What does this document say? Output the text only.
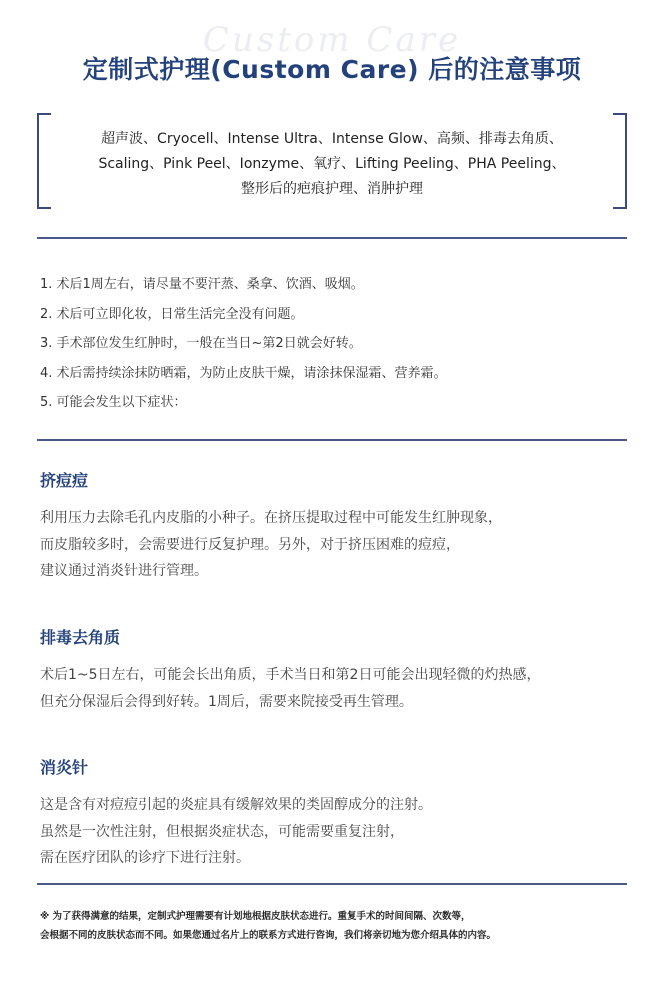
Custom Care
定制式护理(Custom Care) 后的注意事项
超声波、Cryocell、Intense Ultra、Intense Glow、高频、排毒去角质、
Scaling、Pink Peel、Ionzyme、氧疗、Lifting Peeling、PHA Peeling、
整形后的疤痕护理、消肿护理
1. 术后1周左右，请尽量不要汗蒸、桑拿、饮酒、吸烟。
2. 术后可立即化妆，日常生活完全没有问题。
3. 手术部位发生红肿时，一般在当日~第2日就会好转。
4. 术后需持续涂抹防晒霜，为防止皮肤干燥，请涂抹保湿霜、营养霜。
5. 可能会发生以下症状：
挤痘痘

利用压力去除毛孔内皮脂的小种子。在挤压提取过程中可能发生红肿现象，

而皮脂较多时，会需要进行反复护理。另外，对于挤压困难的痘痘，

建议通过消炎针进行管理。

排毒去角质

术后1~5日左右，可能会长出角质，手术当日和第2日可能会出现轻微的灼热感，

但充分保湿后会得到好转。1周后，需要来院接受再生管理。

消炎针

这是含有对痘痘引起的炎症具有缓解效果的类固醇成分的注射。

虽然是一次性注射，但根据炎症状态，可能需要重复注射，

需在医疗团队的诊疗下进行注射。

※ 为了获得满意的结果，定制式护理需要有计划地根据皮肤状态进行。重复手术的时间间隔、次数等，
会根据不同的皮肤状态而不同。如果您通过名片上的联系方式进行咨询，我们将亲切地为您介绍具体的内容。
